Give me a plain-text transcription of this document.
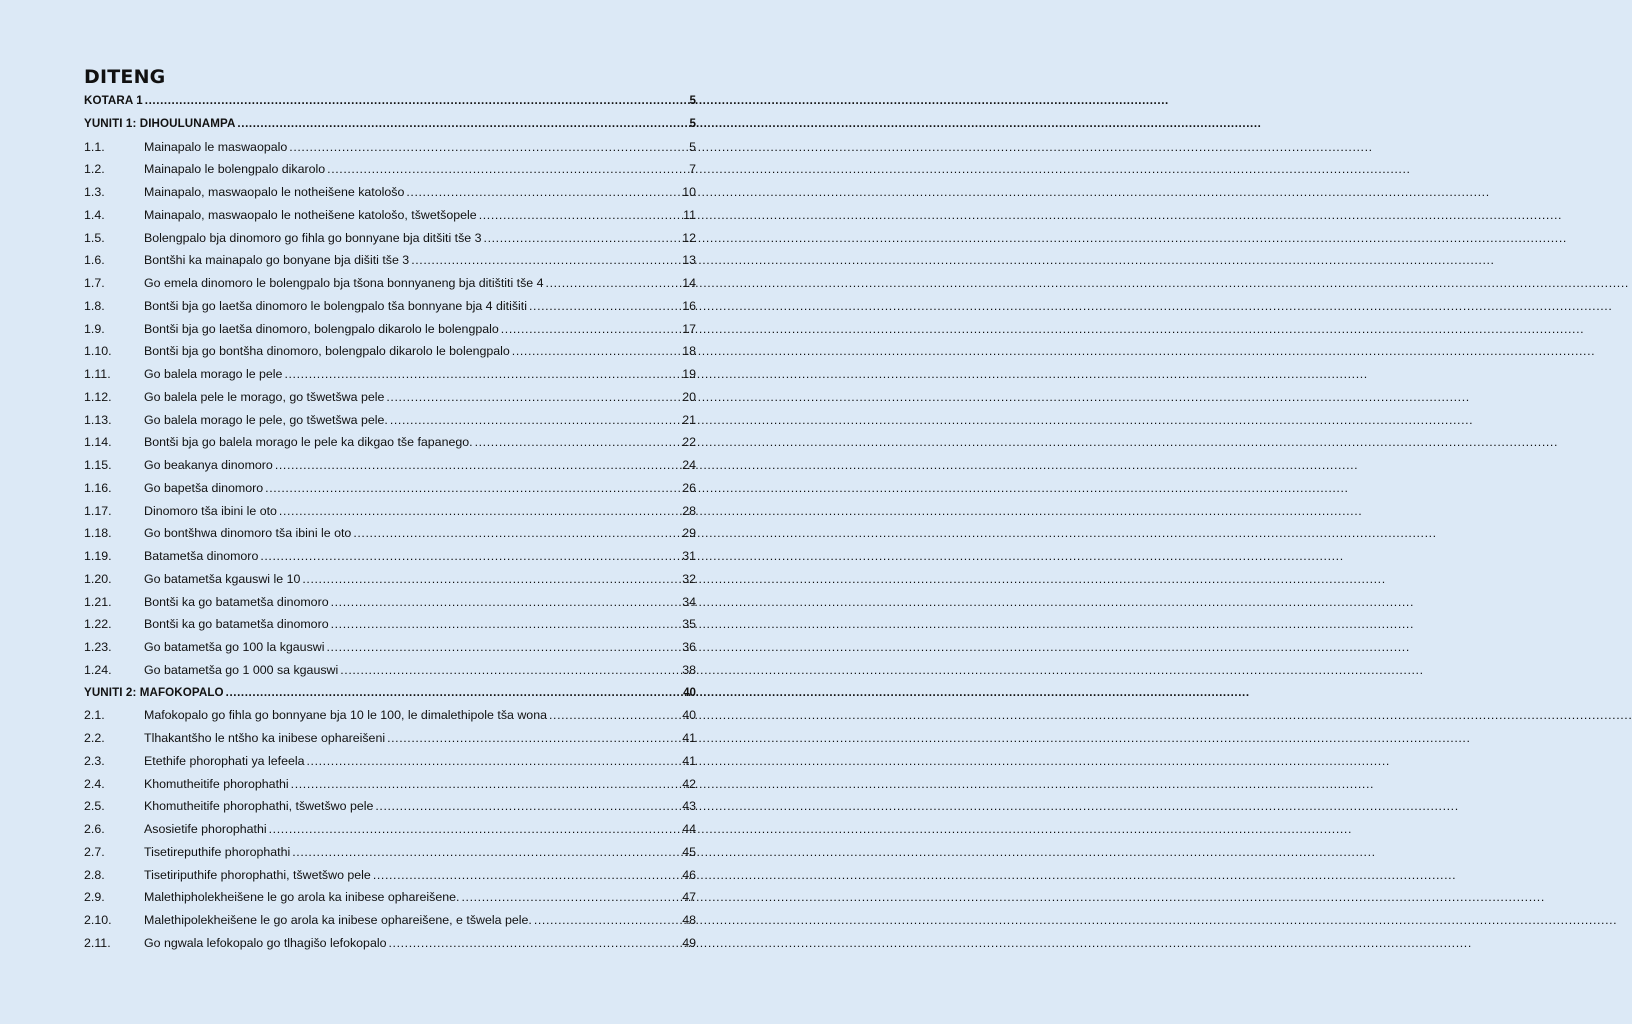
DITENG
KOTARA 1 .....	5
YUNITI 1: DIHOULUNAMPA .....	5
1.1.	Mainapalo le maswaopalo .....	5
1.2.	Mainapalo le bolengpalo dikarolo .....	7
1.3.	Mainapalo, maswaopalo le notheišene katološo .....	10
1.4.	Mainapalo, maswaopalo le notheišene katološo, tšwetšopele .....	11
1.5.	Bolengpalo bja dinomoro go fihla go bonnyane bja ditšiti tše 3 .....	12
1.6.	Bontšhi ka mainapalo go bonyane bja dišiti tše 3 .....	13
1.7.	Go emela dinomoro le bolengpalo bja tšona bonnyaneng bja ditištiti tše 4 .....	14
1.8.	Bontši bja go laetša dinomoro le bolengpalo tša bonnyane bja 4 ditišiti .....	16
1.9.	Bontši bja go laetša dinomoro, bolengpalo dikarolo le bolengpalo .....	17
1.10.	Bontši bja go bontšha dinomoro, bolengpalo dikarolo le bolengpalo .....	18
1.11.	Go balela morago le pele .....	19
1.12.	Go balela pele le morago, go tšwetšwa pele .....	20
1.13.	Go balela morago le pele, go tšwetšwa pele. .....	21
1.14.	Bontši bja go balela morago le pele ka dikgao tše fapanego. .....	22
1.15.	Go beakanya dinomoro .....	24
1.16.	Go bapetša dinomoro .....	26
1.17.	Dinomoro tša ibini le oto .....	28
1.18.	Go bontšhwa dinomoro tša ibini le oto .....	29
1.19.	Batametša dinomoro .....	31
1.20.	Go batametša kgauswi le 10 .....	32
1.21.	Bontši ka go batametša dinomoro .....	34
1.22.	Bontši ka go batametša dinomoro .....	35
1.23.	Go batametša go 100 la kgauswi .....	36
1.24.	Go batametša go 1 000 sa kgauswi .....	38
YUNITI 2: MAFOKOPALO .....	40
2.1.	Mafokopalo go fihla go bonnyane bja 10 le 100, le dimalethipole tša wona .....	40
2.2.	Tlhakantšho le ntšho ka inibese ophareišeni .....	41
2.3.	Etethife phorophati ya lefeela .....	41
2.4.	Khomutheitife phorophathi .....	42
2.5.	Khomutheitife phorophathi, tšwetšwo pele .....	43
2.6.	Asosietife phorophathi .....	44
2.7.	Tisetireputhife phorophathi .....	45
2.8.	Tisetiriputhife phorophathi, tšwetšwo pele .....	46
2.9.	Malethipholekheišene le go arola ka inibese ophareišene. .....	47
2.10.	Malethipolekheišene le go arola ka inibese ophareišene, e tšwela pele. .....	48
2.11.	Go ngwala lefokopalo go tlhagišo lefokopalo .....	49
